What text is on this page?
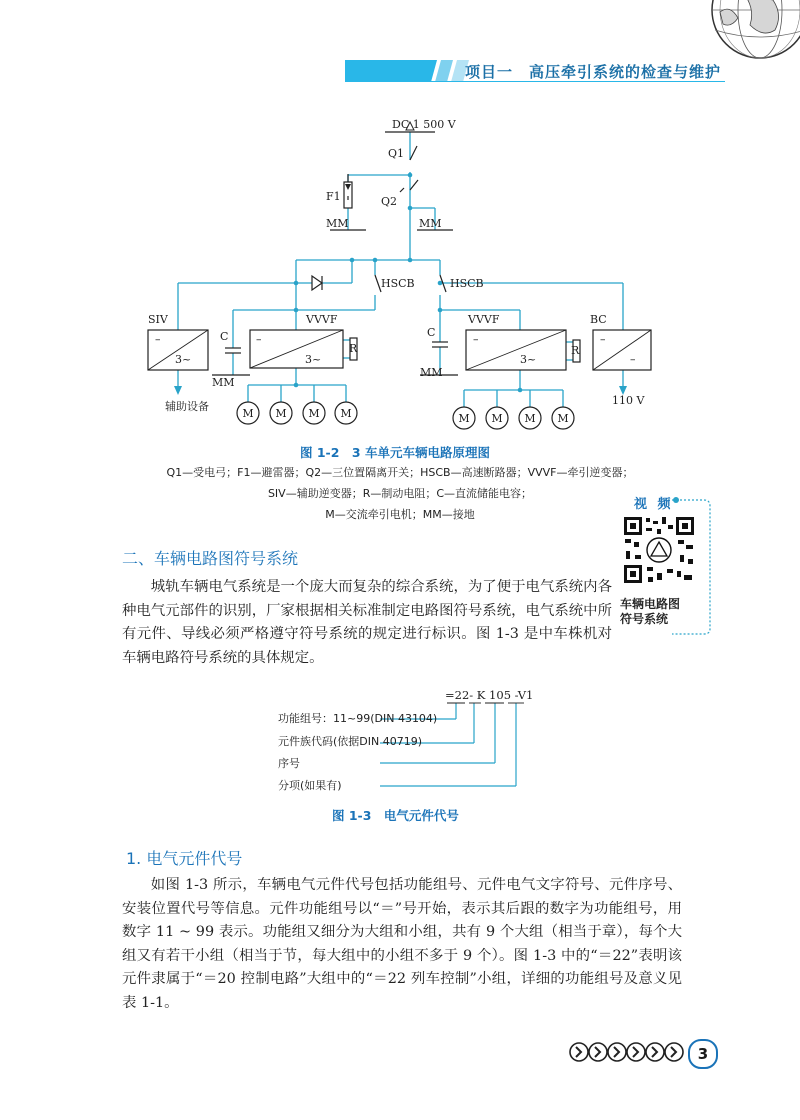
项目一　高压牵引系统的检查与维护
DC 1 500 V
Q1
F1	Q2
MM	MM
HSCB	HSCB
SIV
C
VVVF
R
MM
C
VVVF
R
MM
BC
110 V
–
3~
–
3~
–
3~
–
–
辅助设备
M M M M	M M M M
图 1-2　3 车单元车辆电路原理图
Q1—受电弓；F1—避雷器；Q2—三位置隔离开关；HSCB—高速断路器；VVVF—牵引逆变器；
SIV—辅助逆变器；R—制动电阻；C—直流储能电容；
M—交流牵引电机；MM—接地
视 频
车辆电路图
符号系统
二、车辆电路图符号系统
城轨车辆电气系统是一个庞大而复杂的综合系统，为了便于电气系统内各种电气元部件的识别，厂家根据相关标准制定电路图符号系统，电气系统中所有元件、导线必须严格遵守符号系统的规定进行标识。图 1-3 是中车株机对车辆电路符号系统的具体规定。
=22- K 105 -V1
功能组号：11~99(DIN 43104)
元件族代码(依据DIN 40719)
序号
分项(如果有)
图 1-3　电气元件代号
1. 电气元件代号
如图 1-3 所示，车辆电气元件代号包括功能组号、元件电气文字符号、元件序号、安装位置代号等信息。元件功能组号以“＝”号开始，表示其后跟的数字为功能组号，用数字 11 ~ 99 表示。功能组又细分为大组和小组，共有 9 个大组（相当于章），每个大组又有若干小组（相当于节，每大组中的小组不多于 9 个）。图 1-3 中的“＝22”表明该元件隶属于“＝20 控制电路”大组中的“＝22 列车控制”小组，详细的功能组号及意义见表 1-1。
3
